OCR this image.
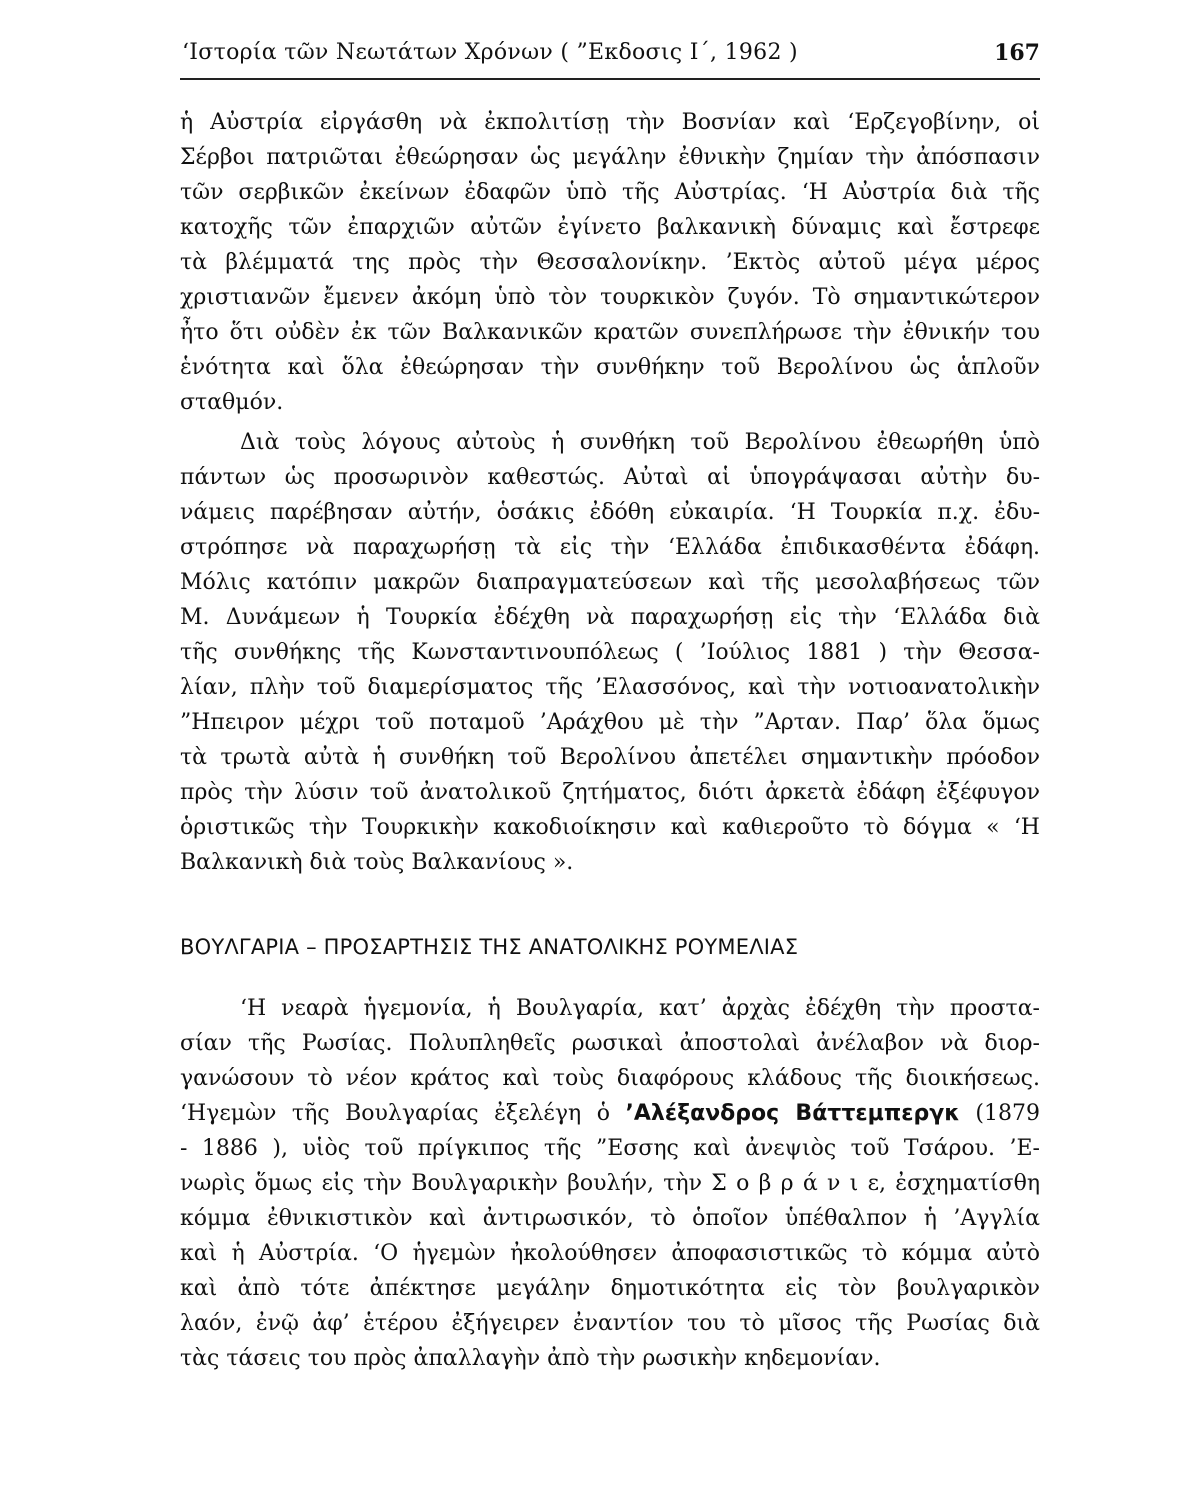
‘Ιστορία τῶν Νεωτάτων Χρόνων ( ”Εκδοσις Ι΄, 1962 )	167
ἡ Αὐστρία εἰργάσθη νὰ ἐκπολιτίσῃ τὴν Βοσνίαν καὶ ‘Ερζεγοβίνην, οἱ
Σέρβοι πατριῶται ἐθεώρησαν ὡς μεγάλην ἐθνικὴν ζημίαν τὴν ἀπόσπασιν
τῶν σερβικῶν ἐκείνων ἐδαφῶν ὑπὸ τῆς Αὐστρίας. ‘Η Αὐστρία διὰ τῆς
κατοχῆς τῶν ἐπαρχιῶν αὐτῶν ἐγίνετο βαλκανικὴ δύναμις καὶ ἔστρεφε
τὰ βλέμματά της πρὸς τὴν Θεσσαλονίκην. ’Εκτὸς αὐτοῦ μέγα μέρος
χριστιανῶν ἔμενεν ἀκόμη ὑπὸ τὸν τουρκικὸν ζυγόν. Τὸ σημαντικώτερον
ἦτο ὅτι οὐδὲν ἐκ τῶν Βαλκανικῶν κρατῶν συνεπλήρωσε τὴν ἐθνικήν του
ἑνότητα καὶ ὅλα ἐθεώρησαν τὴν συνθήκην τοῦ Βερολίνου ὡς ἁπλοῦν
σταθμόν.
Διὰ τοὺς λόγους αὐτοὺς ἡ συνθήκη τοῦ Βερολίνου ἐθεωρήθη ὑπὸ
πάντων ὡς προσωρινὸν καθεστώς. Αὐταὶ αἱ ὑπογράψασαι αὐτὴν δυ-
νάμεις παρέβησαν αὐτήν, ὁσάκις ἐδόθη εὐκαιρία. ‘Η Τουρκία π.χ. ἐδυ-
στρόπησε νὰ παραχωρήσῃ τὰ εἰς τὴν ‘Ελλάδα ἐπιδικασθέντα ἐδάφη.
Μόλις κατόπιν μακρῶν διαπραγματεύσεων καὶ τῆς μεσολαβήσεως τῶν
Μ. Δυνάμεων ἡ Τουρκία ἐδέχθη νὰ παραχωρήσῃ εἰς τὴν ‘Ελλάδα διὰ
τῆς συνθήκης τῆς Κωνσταντινουπόλεως ( ’Ιούλιος 1881 ) τὴν Θεσσα-
λίαν, πλὴν τοῦ διαμερίσματος τῆς ’Ελασσόνος, καὶ τὴν νοτιοανατολικὴν
”Ηπειρον μέχρι τοῦ ποταμοῦ ’Αράχθου μὲ τὴν ”Αρταν. Παρ’ ὅλα ὅμως
τὰ τρωτὰ αὐτὰ ἡ συνθήκη τοῦ Βερολίνου ἀπετέλει σημαντικὴν πρόοδον
πρὸς τὴν λύσιν τοῦ ἀνατολικοῦ ζητήματος, διότι ἀρκετὰ ἐδάφη ἐξέφυγον
ὁριστικῶς τὴν Τουρκικὴν κακοδιοίκησιν καὶ καθιεροῦτο τὸ δόγμα « ‘Η
Βαλκανικὴ διὰ τοὺς Βαλκανίους ».
ΒΟΥΛΓΑΡΙΑ – ΠΡΟΣΑΡΤΗΣΙΣ ΤΗΣ ΑΝΑΤΟΛΙΚΗΣ ΡΟΥΜΕΛΙΑΣ
‘Η νεαρὰ ἡγεμονία, ἡ Βουλγαρία, κατ’ ἀρχὰς ἐδέχθη τὴν προστα-
σίαν τῆς Ρωσίας. Πολυπληθεῖς ρωσικαὶ ἀποστολαὶ ἀνέλαβον νὰ διορ-
γανώσουν τὸ νέον κράτος καὶ τοὺς διαφόρους κλάδους τῆς διοικήσεως.
‘Ηγεμὼν τῆς Βουλγαρίας ἐξελέγη ὁ ’Αλέξανδρος Βάττεμπεργκ (1879
- 1886 ), υἱὸς τοῦ πρίγκιπος τῆς ”Εσσης καὶ ἀνεψιὸς τοῦ Τσάρου. ’Ε-
νωρὶς ὅμως εἰς τὴν Βουλγαρικὴν βουλήν, τὴν Σ ο β ρ ά ν ι ε, ἐσχηματίσθη
κόμμα ἐθνικιστικὸν καὶ ἀντιρωσικόν, τὸ ὁποῖον ὑπέθαλπον ἡ ’Αγγλία
καὶ ἡ Αὐστρία. ‘Ο ἡγεμὼν ἠκολούθησεν ἀποφασιστικῶς τὸ κόμμα αὐτὸ
καὶ ἀπὸ τότε ἀπέκτησε μεγάλην δημοτικότητα εἰς τὸν βουλγαρικὸν
λαόν, ἐνῷ ἀφ’ ἑτέρου ἐξήγειρεν ἐναντίον του τὸ μῖσος τῆς Ρωσίας διὰ
τὰς τάσεις του πρὸς ἀπαλλαγὴν ἀπὸ τὴν ρωσικὴν κηδεμονίαν.
